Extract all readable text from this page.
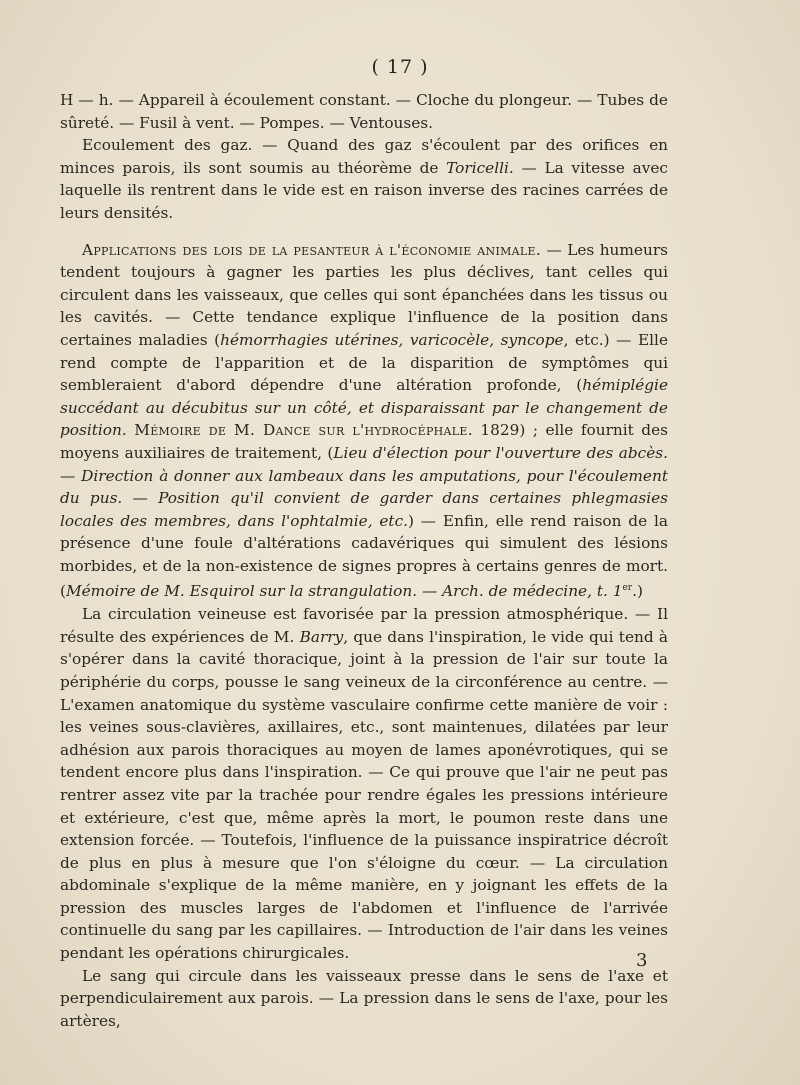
( 17 )

H — h. — Appareil à écoulement constant. — Cloche du plongeur. — Tubes de sûreté. — Fusil à vent. — Pompes. — Ventouses.

Ecoulement des gaz. — Quand des gaz s'écoulent par des orifices en minces parois, ils sont soumis au théorème de Toricelli. — La vitesse avec laquelle ils rentrent dans le vide est en raison inverse des racines carrées de leurs densités.

Applications des lois de la pesanteur à l'économie animale. — Les humeurs tendent toujours à gagner les parties les plus déclives, tant celles qui circulent dans les vaisseaux, que celles qui sont épanchées dans les tissus ou les cavités. — Cette tendance explique l'influence de la position dans certaines maladies (hémorrhagies utérines, varicocèle, syncope, etc.) — Elle rend compte de l'apparition et de la disparition de symptômes qui sembleraient d'abord dépendre d'une altération profonde, (hémiplégie succédant au décubitus sur un côté, et disparaissant par le changement de position. Mémoire de M. Dance sur l'hydrocéphale. 1829) ; elle fournit des moyens auxiliaires de traitement, (Lieu d'élection pour l'ouverture des abcès. — Direction à donner aux lambeaux dans les amputations, pour l'écoulement du pus. — Position qu'il convient de garder dans certaines phlegmasies locales des membres, dans l'ophtalmie, etc.) — Enfin, elle rend raison de la présence d'une foule d'altérations cadavériques qui simulent des lésions morbides, et de la non-existence de signes propres à certains genres de mort. (Mémoire de M. Esquirol sur la strangulation. — Arch. de médecine, t. 1er.)

La circulation veineuse est favorisée par la pression atmosphérique. — Il résulte des expériences de M. Barry, que dans l'inspiration, le vide qui tend à s'opérer dans la cavité thoracique, joint à la pression de l'air sur toute la périphérie du corps, pousse le sang veineux de la circonférence au centre. — L'examen anatomique du système vasculaire confirme cette manière de voir : les veines sous-clavières, axillaires, etc., sont maintenues, dilatées par leur adhésion aux parois thoraciques au moyen de lames aponévrotiques, qui se tendent encore plus dans l'inspiration. — Ce qui prouve que l'air ne peut pas rentrer assez vite par la trachée pour rendre égales les pressions intérieure et extérieure, c'est que, même après la mort, le poumon reste dans une extension forcée. — Toutefois, l'influence de la puissance inspiratrice décroît de plus en plus à mesure que l'on s'éloigne du cœur. — La circulation abdominale s'explique de la même manière, en y joignant les effets de la pression des muscles larges de l'abdomen et l'influence de l'arrivée continuelle du sang par les capillaires. — Introduction de l'air dans les veines pendant les opérations chirurgicales.

Le sang qui circule dans les vaisseaux presse dans le sens de l'axe et perpendiculairement aux parois. — La pression dans le sens de l'axe, pour les artères,

3
